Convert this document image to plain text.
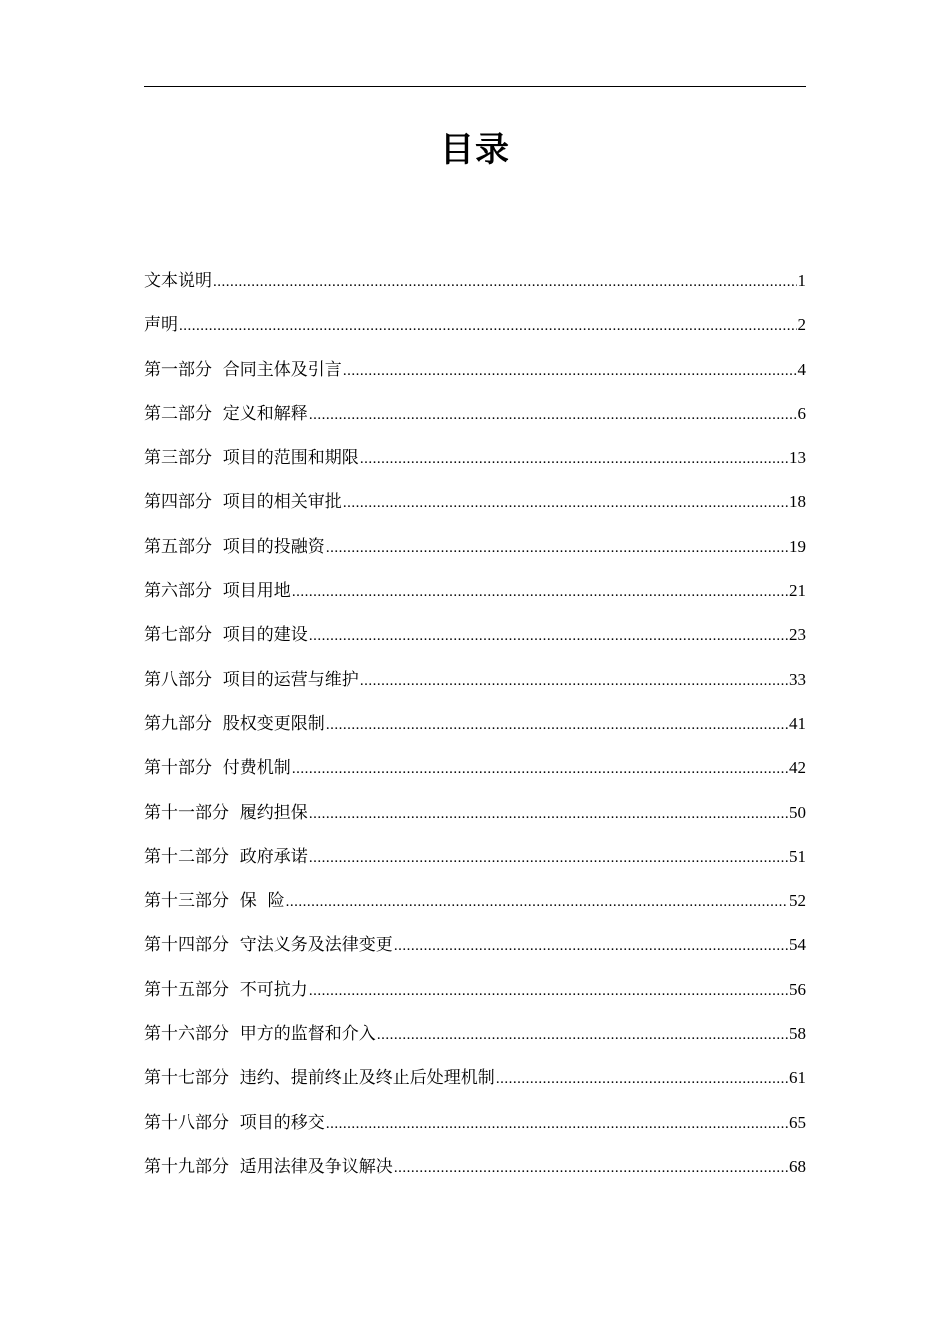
目录
文本说明 .....	1
声明 .....	2
第一部分  合同主体及引言 .....	4
第二部分  定义和解释 .....	6
第三部分  项目的范围和期限 .....	13
第四部分  项目的相关审批 .....	18
第五部分  项目的投融资 .....	19
第六部分  项目用地 .....	21
第七部分  项目的建设 .....	23
第八部分  项目的运营与维护 .....	33
第九部分  股权变更限制 .....	41
第十部分  付费机制 .....	42
第十一部分  履约担保 .....	50
第十二部分  政府承诺 .....	51
第十三部分  保  险 .....	52
第十四部分  守法义务及法律变更 .....	54
第十五部分  不可抗力 .....	56
第十六部分  甲方的监督和介入 .....	58
第十七部分  违约、提前终止及终止后处理机制 .....	61
第十八部分  项目的移交 .....	65
第十九部分  适用法律及争议解决 .....	68
